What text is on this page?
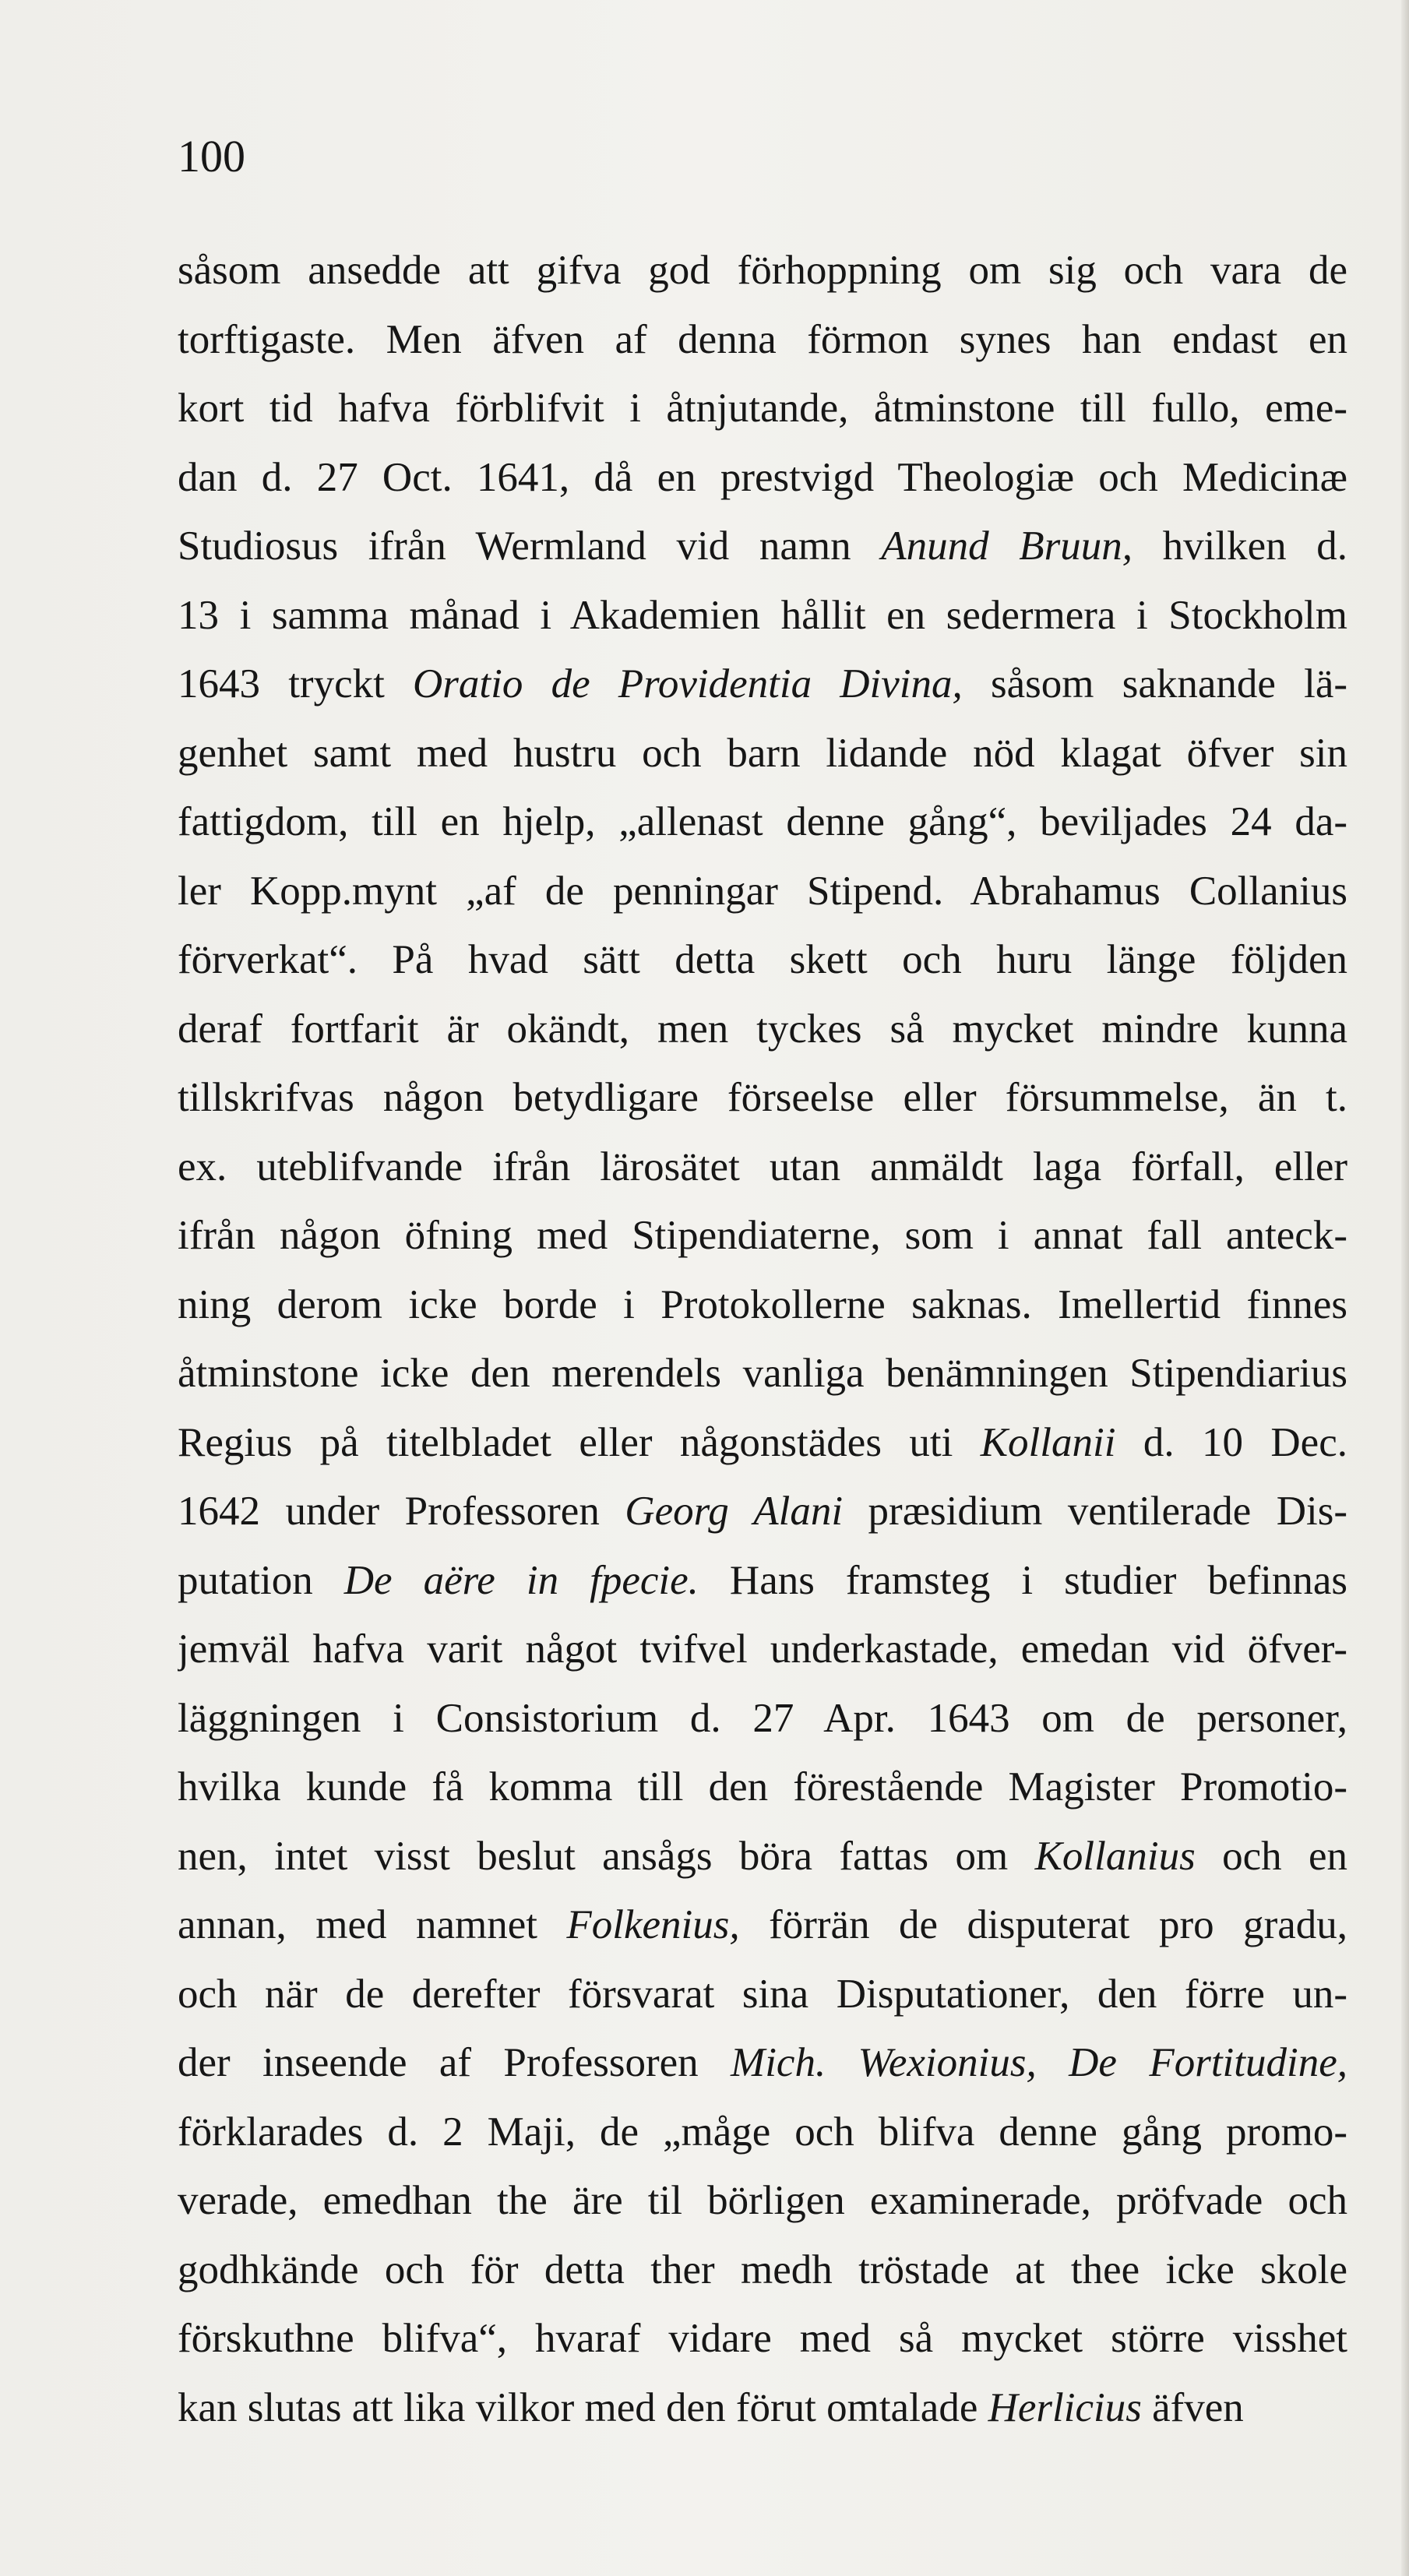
100
såsom ansedde att gifva god förhoppning om sig och vara de
torftigaste. Men äfven af denna förmon synes han endast en
kort tid hafva förblifvit i åtnjutande, åtminstone till fullo, eme-
dan d. 27 Oct. 1641, då en prestvigd Theologiæ och Medicinæ
Studiosus ifrån Wermland vid namn Anund Bruun, hvilken d.
13 i samma månad i Akademien hållit en sedermera i Stockholm
1643 tryckt Oratio de Providentia Divina, såsom saknande lä-
genhet samt med hustru och barn lidande nöd klagat öfver sin
fattigdom, till en hjelp, „allenast denne gång“, beviljades 24 da-
ler Kopp.mynt „af de penningar Stipend. Abrahamus Collanius
förverkat“. På hvad sätt detta skett och huru länge följden
deraf fortfarit är okändt, men tyckes så mycket mindre kunna
tillskrifvas någon betydligare förseelse eller försummelse, än t.
ex. uteblifvande ifrån lärosätet utan anmäldt laga förfall, eller
ifrån någon öfning med Stipendiaterne, som i annat fall anteck-
ning derom icke borde i Protokollerne saknas. Imellertid finnes
åtminstone icke den merendels vanliga benämningen Stipendiarius
Regius på titelbladet eller någonstädes uti Kollanii d. 10 Dec.
1642 under Professoren Georg Alani præsidium ventilerade Dis-
putation De aëre in fpecie. Hans framsteg i studier befinnas
jemväl hafva varit något tvifvel underkastade, emedan vid öfver-
läggningen i Consistorium d. 27 Apr. 1643 om de personer,
hvilka kunde få komma till den förestående Magister Promotio-
nen, intet visst beslut ansågs böra fattas om Kollanius och en
annan, med namnet Folkenius, förrän de disputerat pro gradu,
och när de derefter försvarat sina Disputationer, den förre un-
der inseende af Professoren Mich. Wexionius, De Fortitudine,
förklarades d. 2 Maji, de „måge och blifva denne gång promo-
verade, emedhan the äre til börligen examinerade, pröfvade och
godhkände och för detta ther medh tröstade at thee icke skole
förskuthne blifva“, hvaraf vidare med så mycket större visshet
kan slutas att lika vilkor med den förut omtalade Herlicius äfven
